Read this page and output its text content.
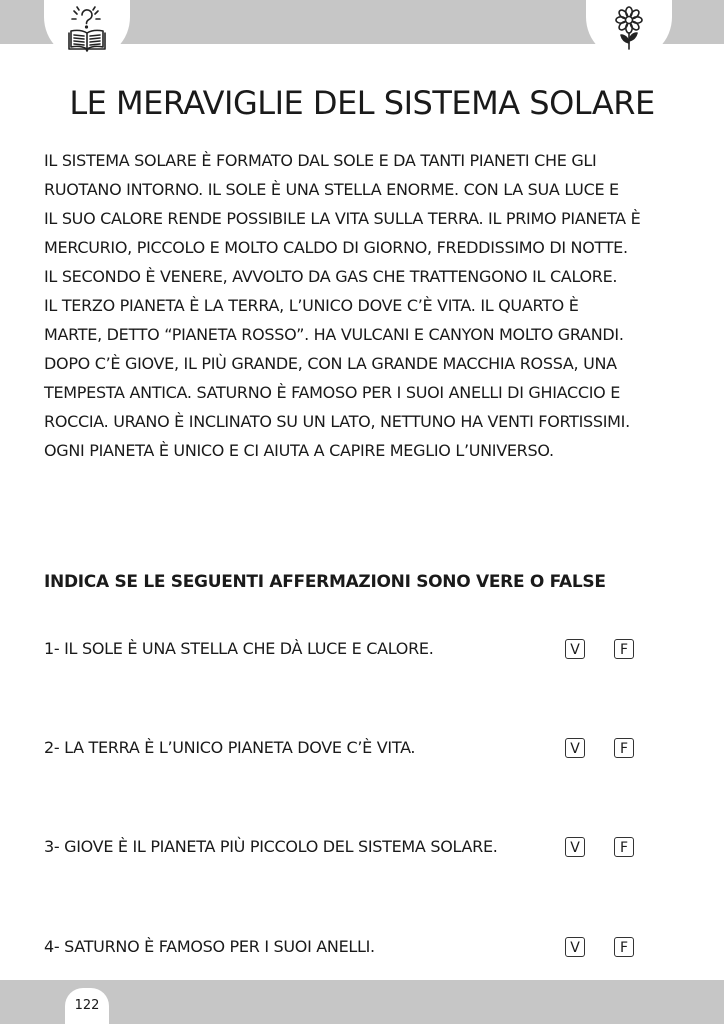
LE MERAVIGLIE DEL SISTEMA SOLARE
IL SISTEMA SOLARE È FORMATO DAL SOLE E DA TANTI PIANETI CHE GLI
RUOTANO INTORNO. IL SOLE È UNA STELLA ENORME. CON LA SUA LUCE E
IL SUO CALORE RENDE POSSIBILE LA VITA SULLA TERRA. IL PRIMO PIANETA È
MERCURIO, PICCOLO E MOLTO CALDO DI GIORNO, FREDDISSIMO DI NOTTE.
IL SECONDO È VENERE, AVVOLTO DA GAS CHE TRATTENGONO IL CALORE.
IL TERZO PIANETA È LA TERRA, L’UNICO DOVE C’È VITA. IL QUARTO È
MARTE, DETTO “PIANETA ROSSO”. HA VULCANI E CANYON MOLTO GRANDI.
DOPO C’È GIOVE, IL PIÙ GRANDE, CON LA GRANDE MACCHIA ROSSA, UNA
TEMPESTA ANTICA. SATURNO È FAMOSO PER I SUOI ANELLI DI GHIACCIO E
ROCCIA. URANO È INCLINATO SU UN LATO, NETTUNO HA VENTI FORTISSIMI.
OGNI PIANETA È UNICO E CI AIUTA A CAPIRE MEGLIO L’UNIVERSO.
INDICA SE LE SEGUENTI AFFERMAZIONI SONO VERE O FALSE
1- IL SOLE È UNA STELLA CHE DÀ LUCE E CALORE.	V	F
2- LA TERRA È L’UNICO PIANETA DOVE C’È VITA.	V	F
3- GIOVE È IL PIANETA PIÙ PICCOLO DEL SISTEMA SOLARE.	V	F
4- SATURNO È FAMOSO PER I SUOI ANELLI.	V	F
122
